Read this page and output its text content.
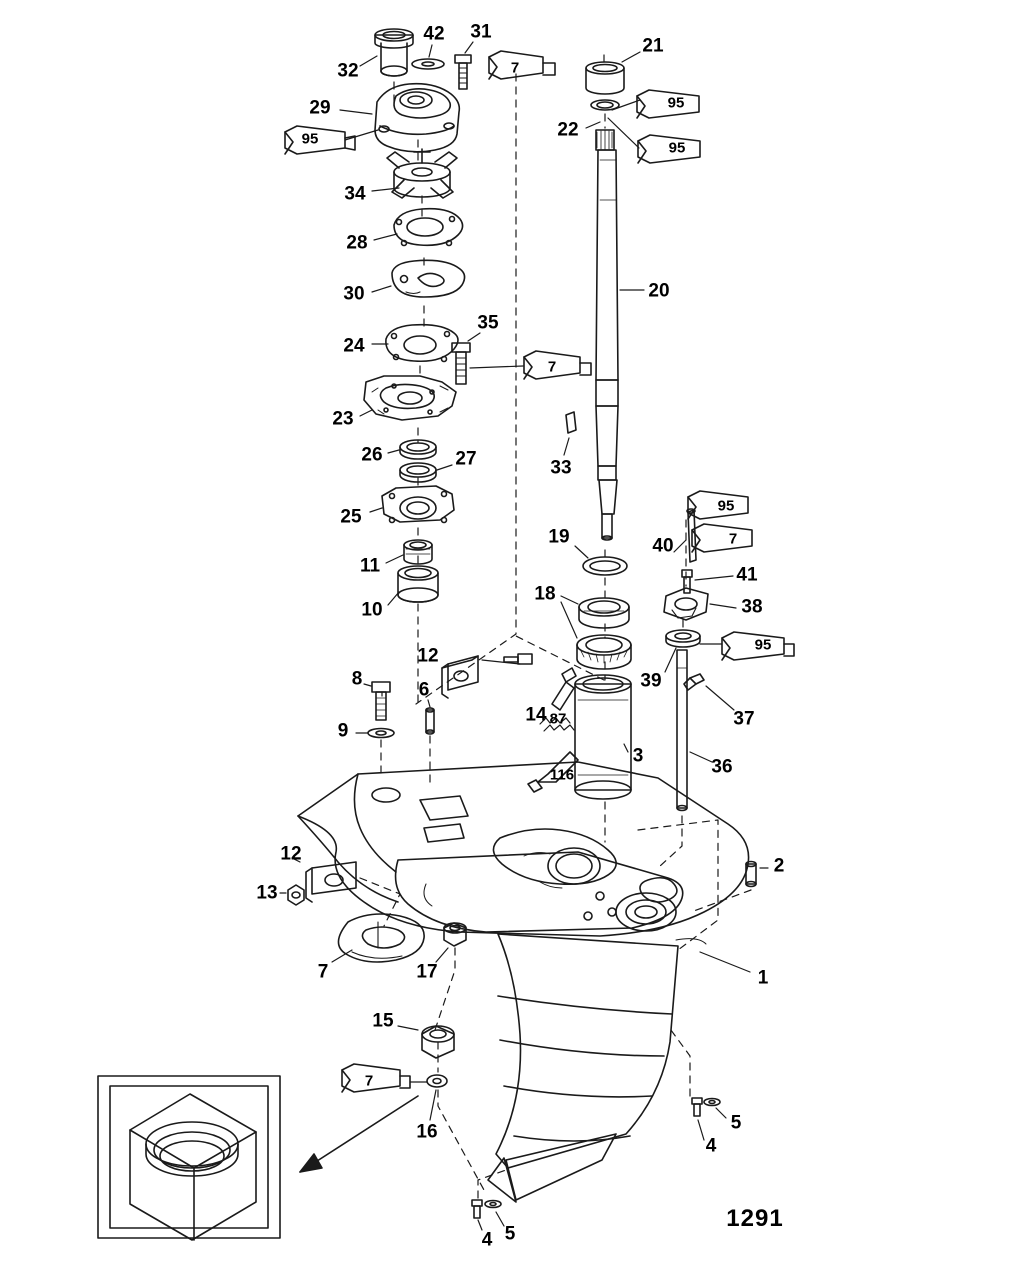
32
42 31
7
21
95
22
95
29
95
34
28
30	20
24
35
7
23
33
26	27
25
19
95
40	7
11	41
10
18
38
95
39
12
8
6
14 87	37
9
3
36
116
12
2
13
1
7	17
15
7
16	5
4
4 5
1291
